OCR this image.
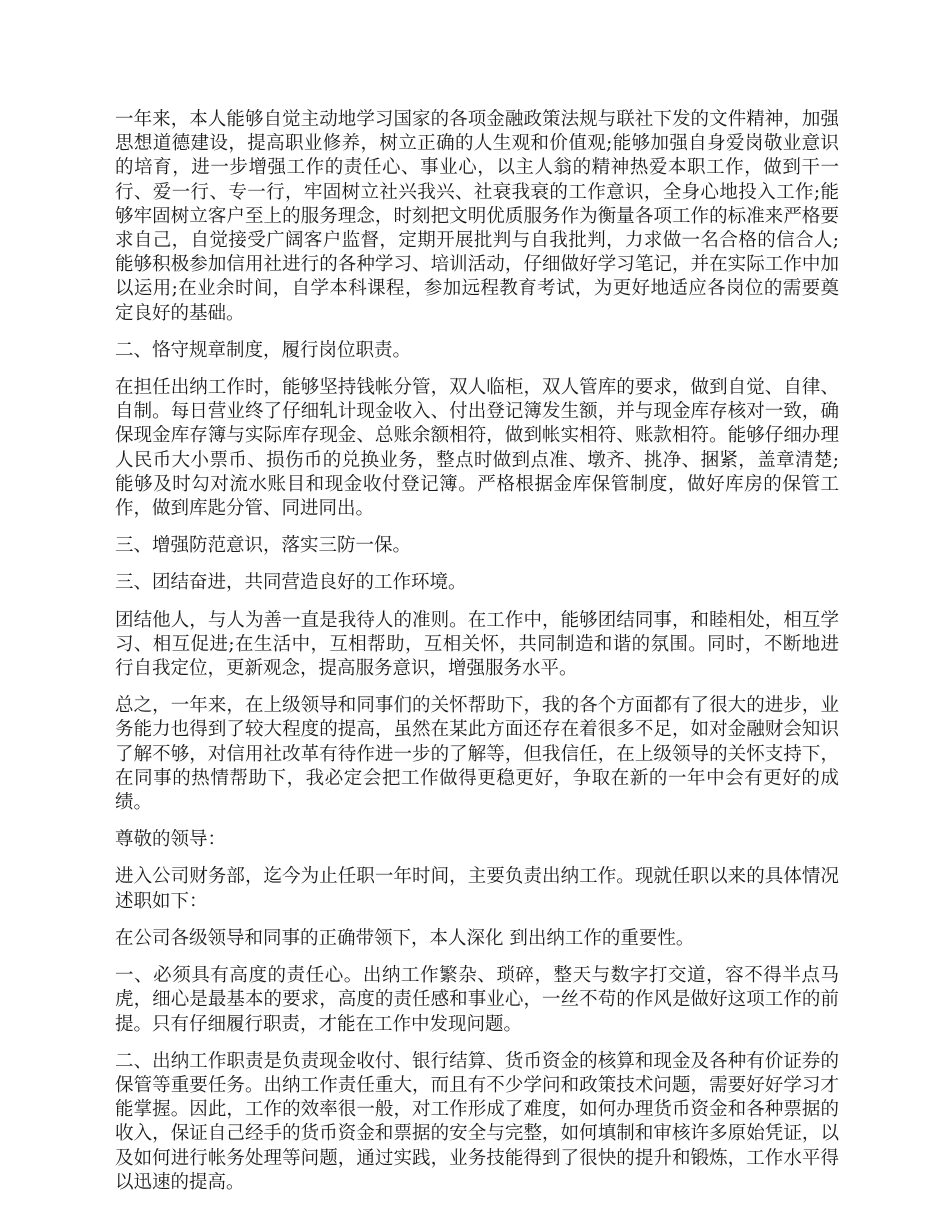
一年来，本人能够自觉主动地学习国家的各项金融政策法规与联社下发的文件精神，加强思想道德建设，提高职业修养，树立正确的人生观和价值观;能够加强自身爱岗敬业意识的培育，进一步增强工作的责任心、事业心，以主人翁的精神热爱本职工作，做到干一行、爱一行、专一行，牢固树立社兴我兴、社衰我衰的工作意识，全身心地投入工作;能够牢固树立客户至上的服务理念，时刻把文明优质服务作为衡量各项工作的标准来严格要求自己，自觉接受广阔客户监督，定期开展批判与自我批判，力求做一名合格的信合人;能够积极参加信用社进行的各种学习、培训活动，仔细做好学习笔记，并在实际工作中加以运用;在业余时间，自学本科课程，参加远程教育考试，为更好地适应各岗位的需要奠定良好的基础。

二、恪守规章制度，履行岗位职责。

在担任出纳工作时，能够坚持钱帐分管，双人临柜，双人管库的要求，做到自觉、自律、自制。每日营业终了仔细轧计现金收入、付出登记簿发生额，并与现金库存核对一致，确保现金库存簿与实际库存现金、总账余额相符，做到帐实相符、账款相符。能够仔细办理人民币大小票币、损伤币的兑换业务，整点时做到点准、墩齐、挑净、捆紧，盖章清楚;能够及时勾对流水账目和现金收付登记簿。严格根据金库保管制度，做好库房的保管工作，做到库匙分管、同进同出。

三、增强防范意识，落实三防一保。

三、团结奋进，共同营造良好的工作环境。

团结他人，与人为善一直是我待人的准则。在工作中，能够团结同事，和睦相处，相互学习、相互促进;在生活中，互相帮助，互相关怀，共同制造和谐的氛围。同时，不断地进行自我定位，更新观念，提高服务意识，增强服务水平。

总之，一年来，在上级领导和同事们的关怀帮助下，我的各个方面都有了很大的进步，业务能力也得到了较大程度的提高，虽然在某此方面还存在着很多不足，如对金融财会知识了解不够，对信用社改革有待作进一步的了解等，但我信任，在上级领导的关怀支持下，在同事的热情帮助下，我必定会把工作做得更稳更好，争取在新的一年中会有更好的成绩。

尊敬的领导：

进入公司财务部，迄今为止任职一年时间，主要负责出纳工作。现就任职以来的具体情况述职如下：

在公司各级领导和同事的正确带领下，本人深化 到出纳工作的重要性。

一、必须具有高度的责任心。出纳工作繁杂、琐碎，整天与数字打交道，容不得半点马虎，细心是最基本的要求，高度的责任感和事业心，一丝不苟的作风是做好这项工作的前提。只有仔细履行职责，才能在工作中发现问题。

二、出纳工作职责是负责现金收付、银行结算、货币资金的核算和现金及各种有价证券的保管等重要任务。出纳工作责任重大，而且有不少学问和政策技术问题，需要好好学习才能掌握。因此，工作的效率很一般，对工作形成了难度，如何办理货币资金和各种票据的收入，保证自己经手的货币资金和票据的安全与完整，如何填制和审核许多原始凭证，以及如何进行帐务处理等问题，通过实践，业务技能得到了很快的提升和锻炼，工作水平得以迅速的提高。
